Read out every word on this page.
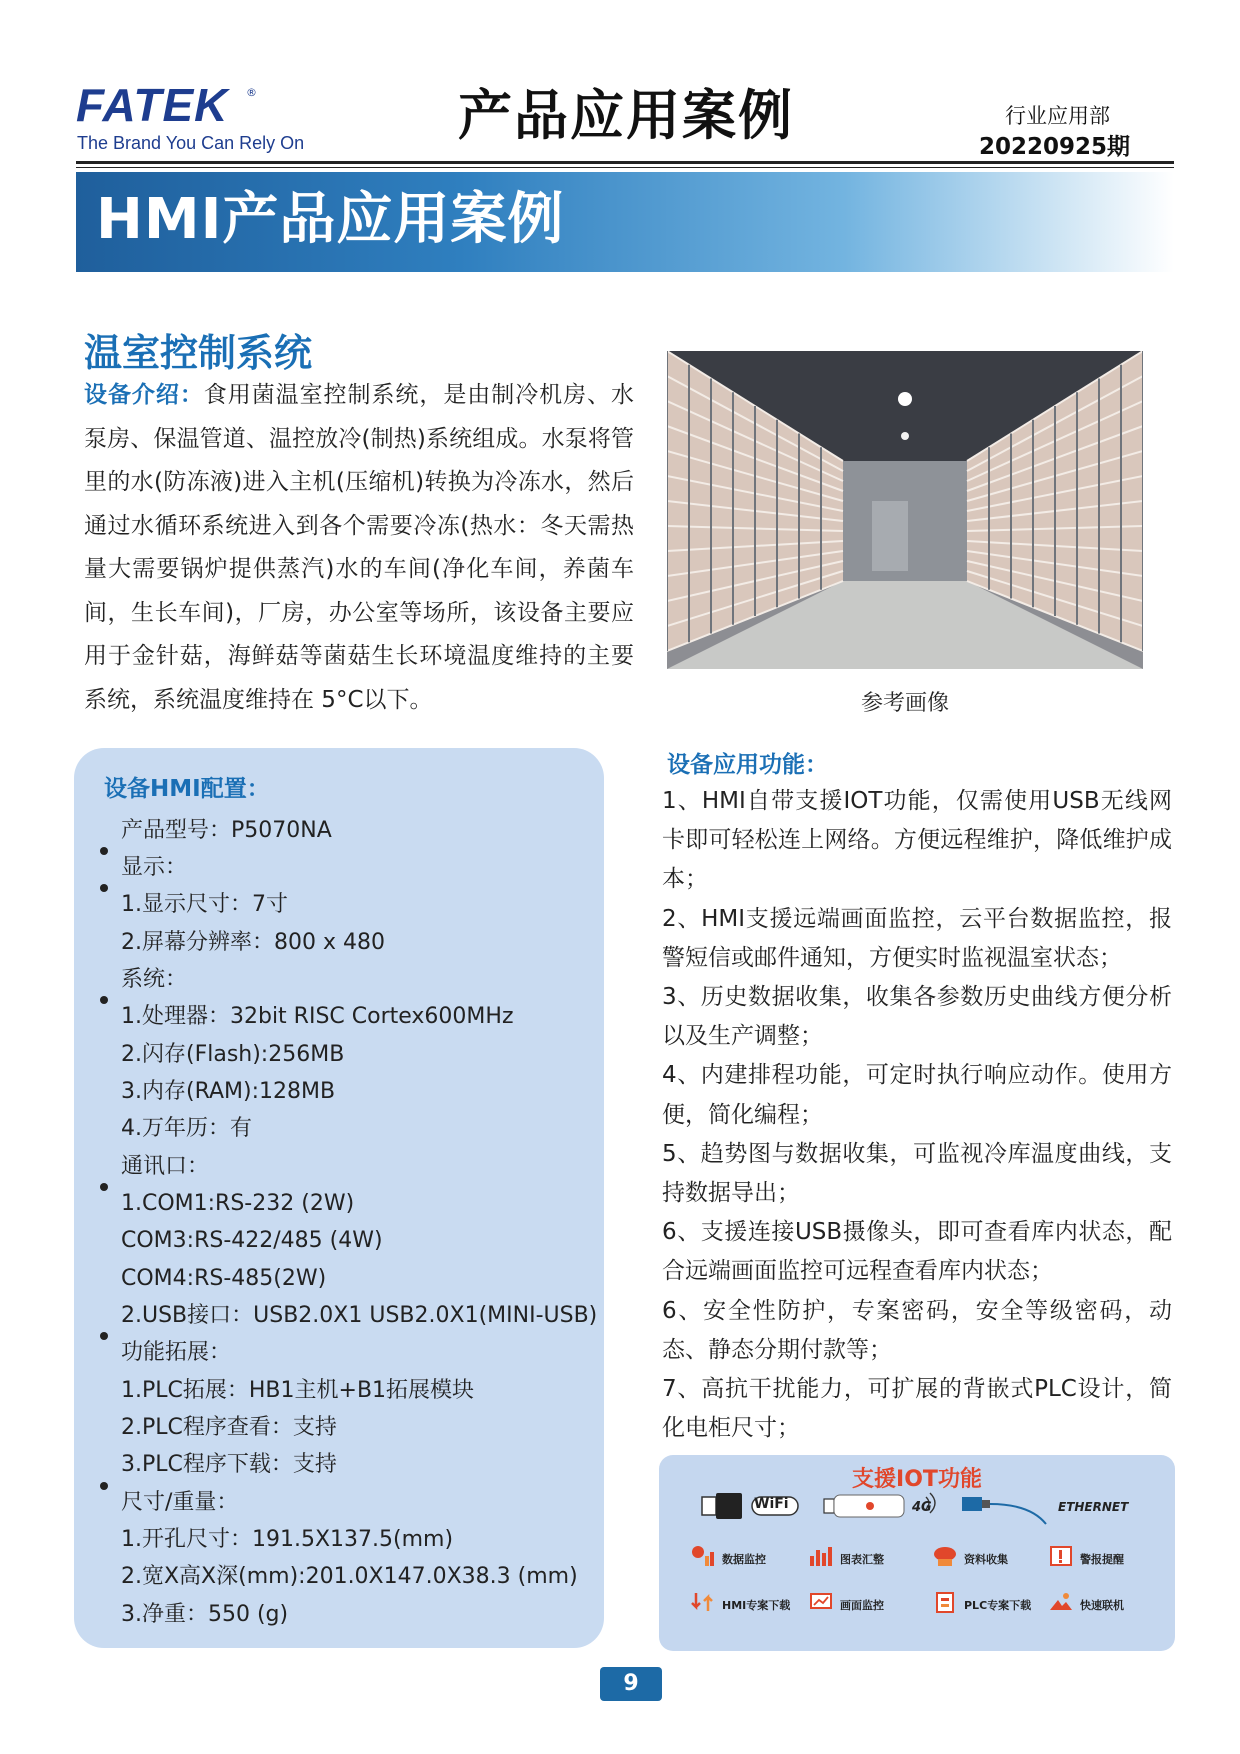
FATEK ®
The Brand You Can Rely On	产品应用案例	行业应用部
20220925期
HMI产品应用案例
温室控制系统
设备介绍：食用菌温室控制系统，是由制冷机房、水泵房、保温管道、温控放冷(制热)系统组成。水泵将管里的水(防冻液)进入主机(压缩机)转换为冷冻水，然后通过水循环系统进入到各个需要冷冻(热水：冬天需热量大需要锅炉提供蒸汽)水的车间(净化车间，养菌车间，生长车间)，厂房，办公室等场所，该设备主要应用于金针菇，海鲜菇等菌菇生长环境温度维持的主要系统，系统温度维持在 5°C以下。	参考画像
设备HMI配置：
产品型号：P5070NA
显示：
1.显示尺寸：7寸
2.屏幕分辨率：800 x 480
系统：
1.处理器：32bit RISC Cortex600MHz
2.闪存(Flash):256MB
3.内存(RAM):128MB
4.万年历：有
通讯口：
1.COM1:RS-232 (2W)
COM3:RS-422/485 (4W)
COM4:RS-485(2W)
2.USB接口：USB2.0X1 USB2.0X1(MINI-USB)
功能拓展：
1.PLC拓展：HB1主机+B1拓展模块
2.PLC程序查看：支持
3.PLC程序下载：支持
尺寸/重量：
1.开孔尺寸：191.5X137.5(mm)
2.宽X高X深(mm):201.0X147.0X38.3 (mm)
3.净重：550 (g)
设备应用功能：
1、HMI自带支援IOT功能，仅需使用USB无线网卡即可轻松连上网络。方便远程维护，降低维护成本；
2、HMI支援远端画面监控，云平台数据监控，报警短信或邮件通知，方便实时监视温室状态；
3、历史数据收集，收集各参数历史曲线方便分析以及生产调整；
4、内建排程功能，可定时执行响应动作。使用方便，简化编程；
5、趋势图与数据收集，可监视冷库温度曲线，支持数据导出；
6、支援连接USB摄像头，即可查看库内状态，配合远端画面监控可远程查看库内状态；
6、安全性防护，专案密码，安全等级密码，动态、静态分期付款等；
7、高抗干扰能力，可扩展的背嵌式PLC设计，简化电柜尺寸；
支援IOT功能
WiFi	4G	ETHERNET
数据监控	图表汇整	资料收集	警报提醒
HMI专案下载	画面监控	PLC专案下载	快速联机
9
